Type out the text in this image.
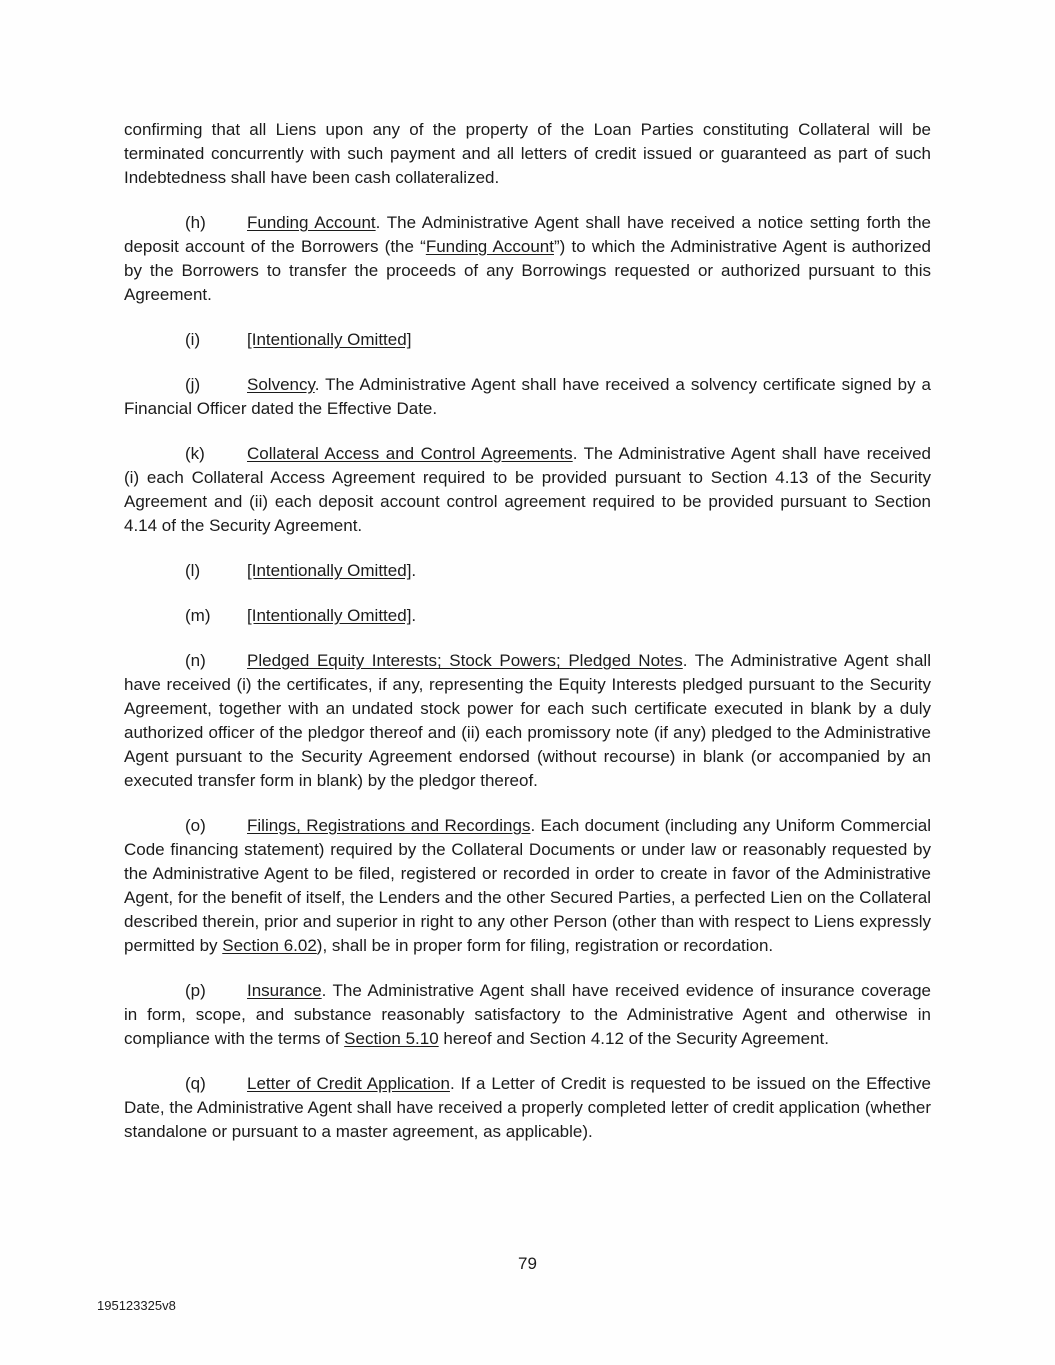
confirming that all Liens upon any of the property of the Loan Parties constituting Collateral will be terminated concurrently with such payment and all letters of credit issued or guaranteed as part of such Indebtedness shall have been cash collateralized.

(h) Funding Account. The Administrative Agent shall have received a notice setting forth the deposit account of the Borrowers (the “Funding Account”) to which the Administrative Agent is authorized by the Borrowers to transfer the proceeds of any Borrowings requested or authorized pursuant to this Agreement.

(i)	[Intentionally Omitted]

(j)	Solvency. The Administrative Agent shall have received a solvency certificate signed by a Financial Officer dated the Effective Date.

(k) Collateral Access and Control Agreements. The Administrative Agent shall have received (i) each Collateral Access Agreement required to be provided pursuant to Section 4.13 of the Security Agreement and (ii) each deposit account control agreement required to be provided pursuant to Section 4.14 of the Security Agreement.

(l)	[Intentionally Omitted].

(m) [Intentionally Omitted].

(n) Pledged Equity Interests; Stock Powers; Pledged Notes. The Administrative Agent shall have received (i) the certificates, if any, representing the Equity Interests pledged pursuant to the Security Agreement, together with an undated stock power for each such certificate executed in blank by a duly authorized officer of the pledgor thereof and (ii) each promissory note (if any) pledged to the Administrative Agent pursuant to the Security Agreement endorsed (without recourse) in blank (or accompanied by an executed transfer form in blank) by the pledgor thereof.

(o) Filings, Registrations and Recordings. Each document (including any Uniform Commercial Code financing statement) required by the Collateral Documents or under law or reasonably requested by the Administrative Agent to be filed, registered or recorded in order to create in favor of the Administrative Agent, for the benefit of itself, the Lenders and the other Secured Parties, a perfected Lien on the Collateral described therein, prior and superior in right to any other Person (other than with respect to Liens expressly permitted by Section 6.02), shall be in proper form for filing, registration or recordation.

(p) Insurance. The Administrative Agent shall have received evidence of insurance coverage in form, scope, and substance reasonably satisfactory to the Administrative Agent and otherwise in compliance with the terms of Section 5.10 hereof and Section 4.12 of the Security Agreement.

(q) Letter of Credit Application. If a Letter of Credit is requested to be issued on the Effective Date, the Administrative Agent shall have received a properly completed letter of credit application (whether standalone or pursuant to a master agreement, as applicable).

79
195123325v8
